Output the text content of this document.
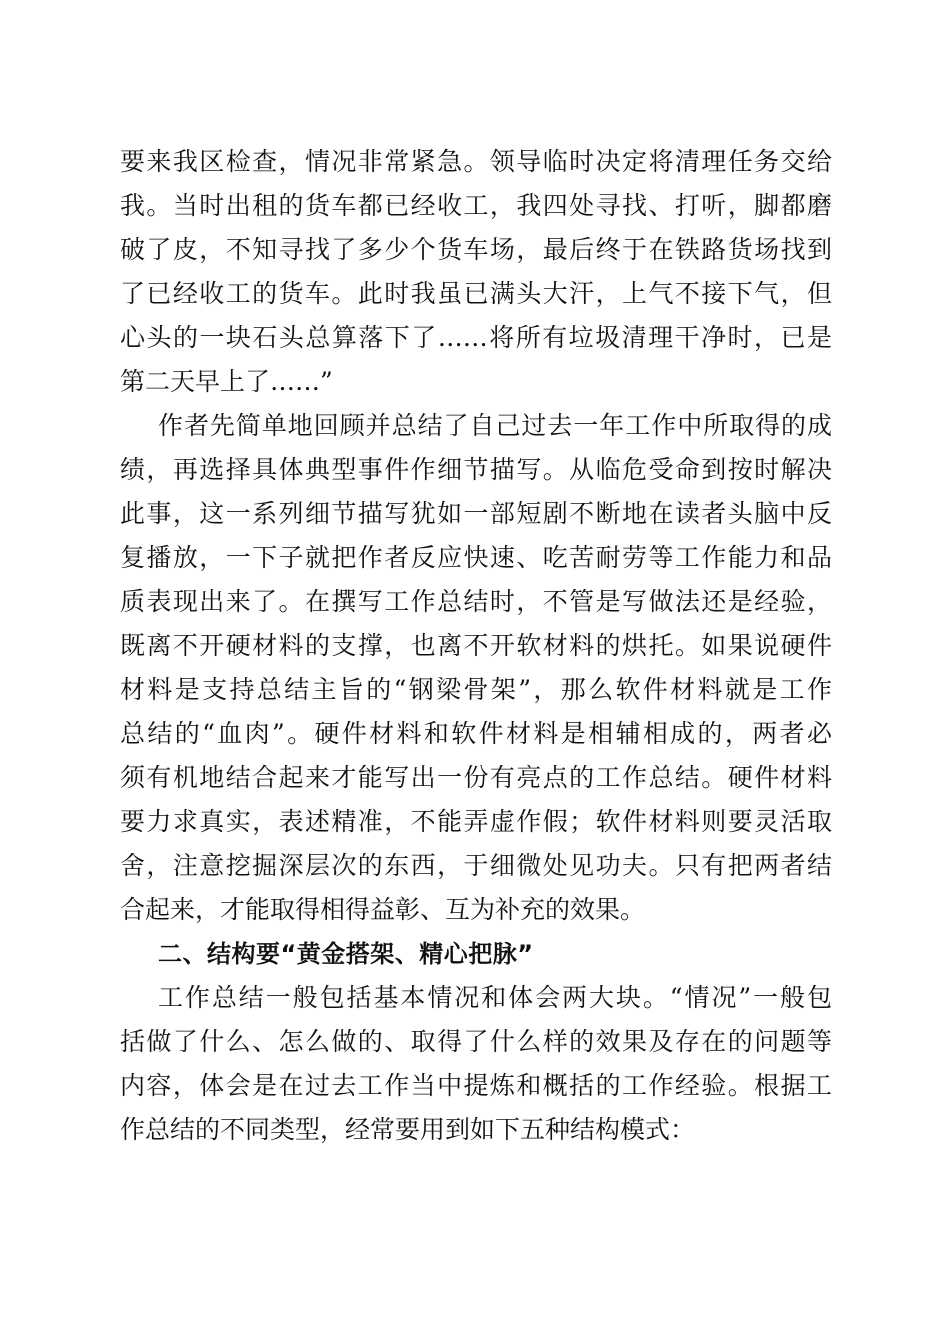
要来我区检查，情况非常紧急。领导临时决定将清理任务交给
我。当时出租的货车都已经收工，我四处寻找、打听，脚都磨
破了皮，不知寻找了多少个货车场，最后终于在铁路货场找到
了已经收工的货车。此时我虽已满头大汗，上气不接下气，但
心头的一块石头总算落下了……将所有垃圾清理干净时，已是
第二天早上了……”
作者先简单地回顾并总结了自己过去一年工作中所取得的成
绩，再选择具体典型事件作细节描写。从临危受命到按时解决
此事，这一系列细节描写犹如一部短剧不断地在读者头脑中反
复播放，一下子就把作者反应快速、吃苦耐劳等工作能力和品
质表现出来了。在撰写工作总结时，不管是写做法还是经验，
既离不开硬材料的支撑，也离不开软材料的烘托。如果说硬件
材料是支持总结主旨的“钢梁骨架”，那么软件材料就是工作
总结的“血肉”。硬件材料和软件材料是相辅相成的，两者必
须有机地结合起来才能写出一份有亮点的工作总结。硬件材料
要力求真实，表述精准，不能弄虚作假；软件材料则要灵活取
舍，注意挖掘深层次的东西，于细微处见功夫。只有把两者结
合起来，才能取得相得益彰、互为补充的效果。
二、结构要“黄金搭架、精心把脉”
工作总结一般包括基本情况和体会两大块。“情况”一般包
括做了什么、怎么做的、取得了什么样的效果及存在的问题等
内容，体会是在过去工作当中提炼和概括的工作经验。根据工
作总结的不同类型，经常要用到如下五种结构模式：
